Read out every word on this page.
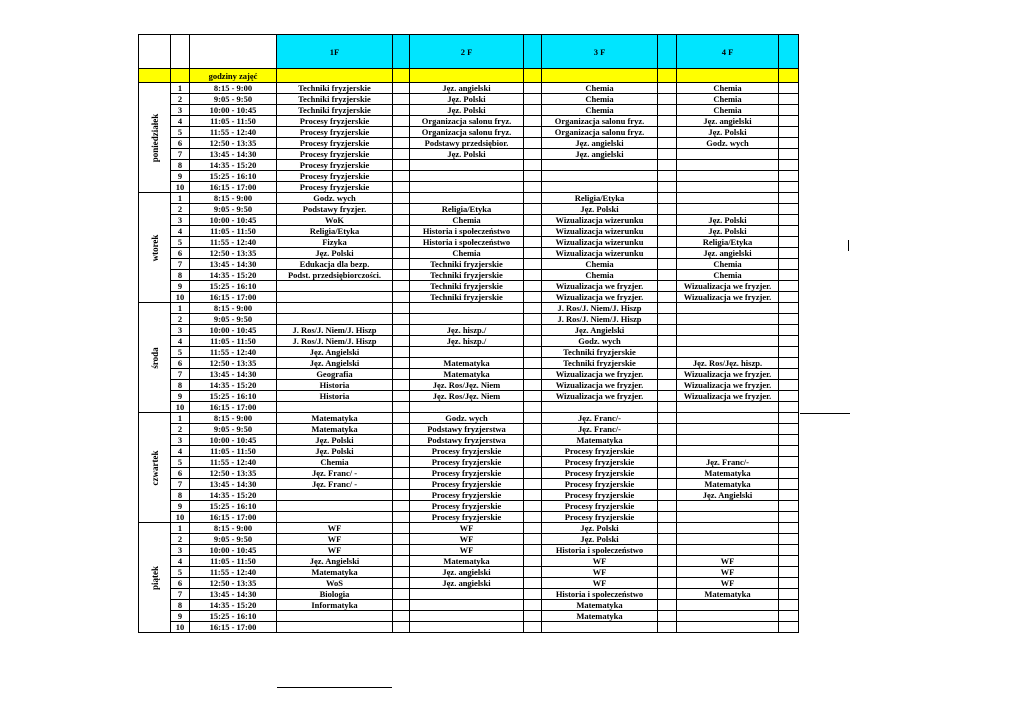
			1F		2 F		3 F		4 F	
		godziny zajęć								

poniedziałek	1	8:15 - 9:00	Techniki fryzjerskie		Jęz. angielski		Chemia		Chemia	
	2	9:05 - 9:50	Techniki fryzjerskie		Jęz. Polski		Chemia		Chemia	
	3	10:00 - 10:45	Techniki fryzjerskie		Jęz. Polski		Chemia		Chemia	
	4	11:05 - 11:50	Procesy fryzjerskie		Organizacja salonu fryz.		Organizacja salonu fryz.		Jęz. angielski	
	5	11:55 - 12:40	Procesy fryzjerskie		Organizacja salonu fryz.		Organizacja salonu fryz.		Jęz. Polski	
	6	12:50 - 13:35	Procesy fryzjerskie		Podstawy przedsiębior.		Jęz. angielski		Godz. wych	
	7	13:45 - 14:30	Procesy fryzjerskie		Jęz. Polski		Jęz. angielski			
	8	14:35 - 15:20	Procesy fryzjerskie							
	9	15:25 - 16:10	Procesy fryzjerskie							
	10	16:15 - 17:00	Procesy fryzjerskie							

wtorek	1	8:15 - 9:00	Godz. wych				Religia/Etyka			
	2	9:05 - 9:50	Podstawy fryzjer.		Religia/Etyka		Jęz. Polski			
	3	10:00 - 10:45	WoK		Chemia		Wizualizacja wizerunku		Jęz. Polski	
	4	11:05 - 11:50	Religia/Etyka		Historia i społeczeństwo		Wizualizacja wizerunku		Jęz. Polski	
	5	11:55 - 12:40	Fizyka		Historia i społeczeństwo		Wizualizacja wizerunku		Religia/Etyka	
	6	12:50 - 13:35	Jęz. Polski		Chemia		Wizualizacja wizerunku		Jęz. angielski	
	7	13:45 - 14:30	Edukacja dla bezp.		Techniki fryzjerskie		Chemia		Chemia	
	8	14:35 - 15:20	Podst. przedsiębiorczości.		Techniki fryzjerskie		Chemia		Chemia	
	9	15:25 - 16:10			Techniki fryzjerskie		Wizualizacja we fryzjer.		Wizualizacja we fryzjer.	
	10	16:15 - 17:00			Techniki fryzjerskie		Wizualizacja we fryzjer.		Wizualizacja we fryzjer.	

środa	1	8:15 - 9:00					J. Ros/J. Niem/J. Hiszp			
	2	9:05 - 9:50					J. Ros/J. Niem/J. Hiszp			
	3	10:00 - 10:45	J. Ros/J. Niem/J. Hiszp		Jęz. hiszp./		Jęz. Angielski			
	4	11:05 - 11:50	J. Ros/J. Niem/J. Hiszp		Jęz. hiszp./		Godz. wych			
	5	11:55 - 12:40	Jęz. Angielski				Techniki fryzjerskie			
	6	12:50 - 13:35	Jęz. Angielski		Matematyka		Techniki fryzjerskie		Jęz. Ros/Jęz. hiszp.	
	7	13:45 - 14:30	Geografia		Matematyka		Wizualizacja we fryzjer.		Wizualizacja we fryzjer.	
	8	14:35 - 15:20	Historia		Jęz. Ros/Jęz. Niem		Wizualizacja we fryzjer.		Wizualizacja we fryzjer.	
	9	15:25 - 16:10	Historia		Jęz. Ros/Jęz. Niem		Wizualizacja we fryzjer.		Wizualizacja we fryzjer.	
	10	16:15 - 17:00								

czwartek	1	8:15 - 9:00	Matematyka		Godz. wych		Jęz. Franc/-			
	2	9:05 - 9:50	Matematyka		Podstawy fryzjerstwa		Jęz. Franc/-			
	3	10:00 - 10:45	Jęz. Polski		Podstawy fryzjerstwa		Matematyka			
	4	11:05 - 11:50	Jęz. Polski		Procesy fryzjerskie		Procesy fryzjerskie			
	5	11:55 - 12:40	Chemia		Procesy fryzjerskie		Procesy fryzjerskie		Jęz. Franc/-	
	6	12:50 - 13:35	Jęz. Franc/ -		Procesy fryzjerskie		Procesy fryzjerskie		Matematyka	
	7	13:45 - 14:30	Jęz. Franc/ -		Procesy fryzjerskie		Procesy fryzjerskie		Matematyka	
	8	14:35 - 15:20			Procesy fryzjerskie		Procesy fryzjerskie		Jęz. Angielski	
	9	15:25 - 16:10			Procesy fryzjerskie		Procesy fryzjerskie			
	10	16:15 - 17:00			Procesy fryzjerskie		Procesy fryzjerskie			

piątek	1	8:15 - 9:00	WF		WF		Jęz. Polski			
	2	9:05 - 9:50	WF		WF		Jęz. Polski			
	3	10:00 - 10:45	WF		WF		Historia i społeczeństwo			
	4	11:05 - 11:50	Jęz. Angielski		Matematyka		WF		WF	
	5	11:55 - 12:40	Matematyka		Jęz. angielski		WF		WF	
	6	12:50 - 13:35	WoS		Jęz. angielski		WF		WF	
	7	13:45 - 14:30	Biologia				Historia i społeczeństwo		Matematyka	
	8	14:35 - 15:20	Informatyka				Matematyka			
	9	15:25 - 16:10					Matematyka			
	10	16:15 - 17:00								
